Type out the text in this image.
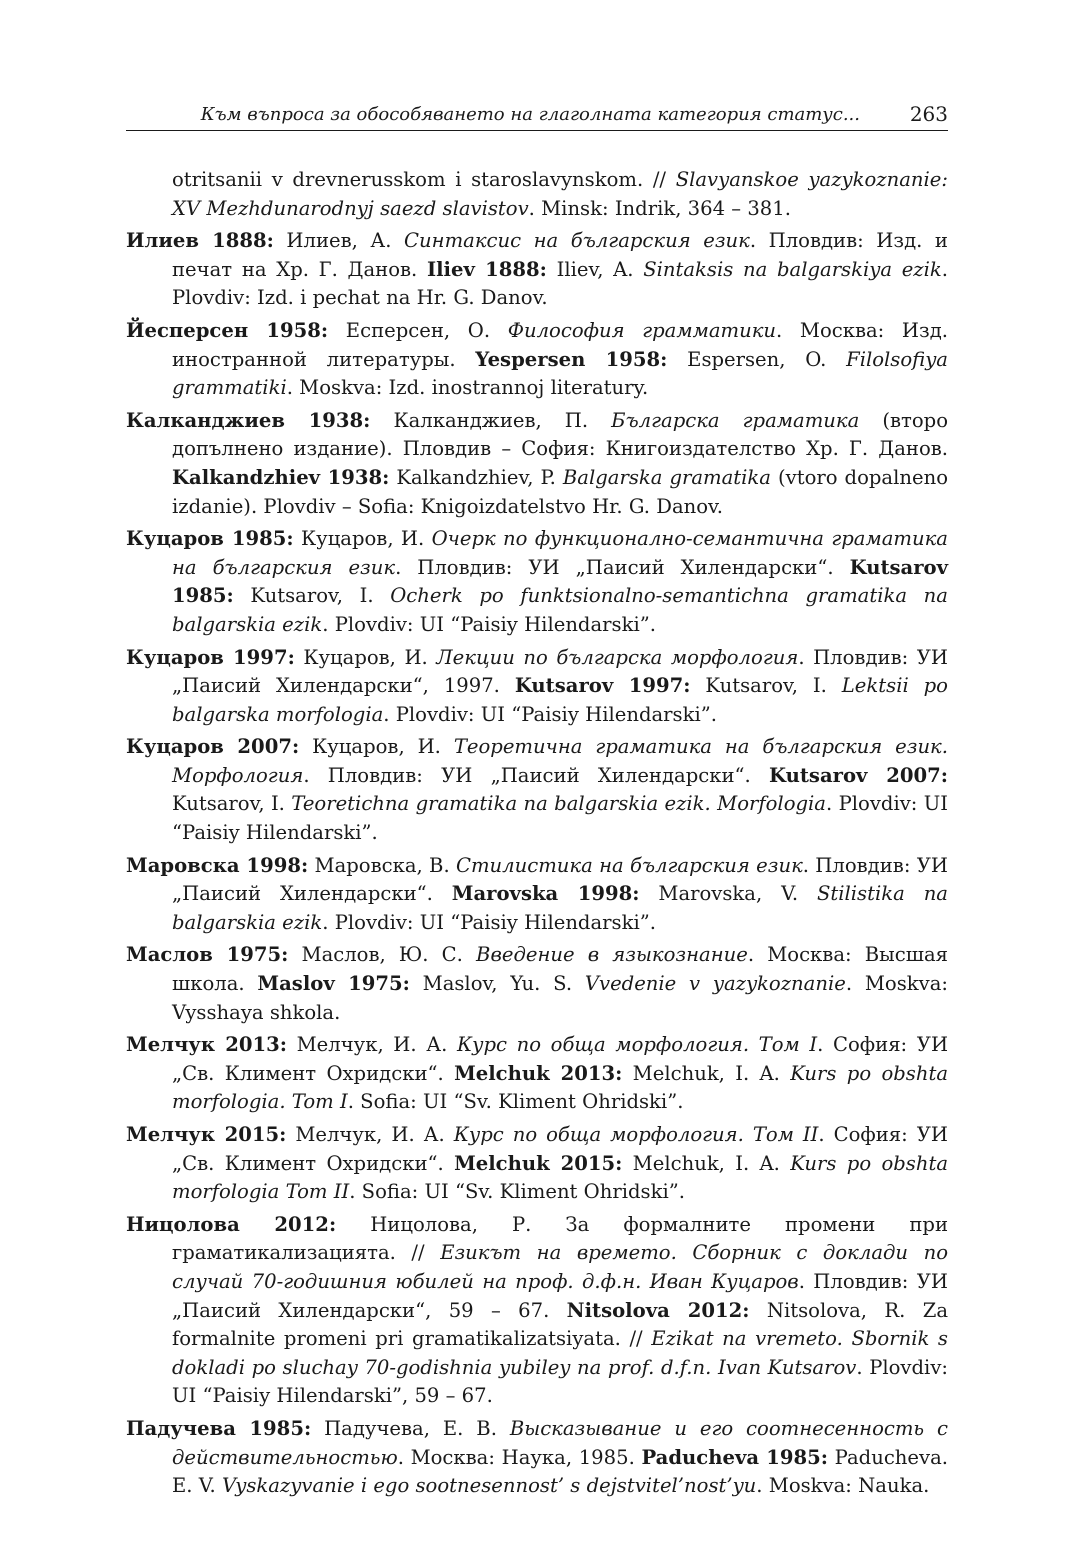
Към въпроса за обособяването на глаголната категория статус... 263

otritsanii v drevnerusskom i staroslavynskom. // Slavyanskoe yazykoznanie: XV Mezhdunarodnyj saezd slavistov. Minsk: Indrik, 364 – 381.

Илиев 1888: Илиев, А. Синтаксис на българския език. Пловдив: Изд. и печат на Хр. Г. Данов. Iliev 1888: Iliev, A. Sintaksis na balgarskiya ezik. Plovdiv: Izd. i pechat na Hr. G. Danov.

Йесперсен 1958: Есперсен, О. Философия грамматики. Москва: Изд. иностранной литературы. Yespersen 1958: Espersen, O. Filolsofiya grammatiki. Moskva: Izd. inostrannoj literatury.

Калканджиев 1938: Калканджиев, П. Българска граматика (второ допълнено издание). Пловдив – София: Книгоиздателство Хр. Г. Данов. Kalkandzhiev 1938: Kalkandzhiev, P. Balgarska gramatika (vtoro dopalneno izdanie). Plovdiv – Sofia: Knigoizdatelstvo Hr. G. Danov.

Куцаров 1985: Куцаров, И. Очерк по функционално-семантична граматика на българския език. Пловдив: УИ „Паисий Хилендарски“. Kutsarov 1985: Kutsarov, I. Ocherk po funktsionalno-semantichna gramatika na balgarskia ezik. Plovdiv: UI “Paisiy Hilendarski”.

Куцаров 1997: Куцаров, И. Лекции по българска морфология. Пловдив: УИ „Паисий Хилендарски“, 1997. Kutsarov 1997: Kutsarov, I. Lektsii po balgarska morfologia. Plovdiv: UI “Paisiy Hilendarski”.

Куцаров 2007: Куцаров, И. Теоретична граматика на българския език. Морфология. Пловдив: УИ „Паисий Хилендарски“. Kutsarov 2007: Kutsarov, I. Teoretichna gramatika na balgarskia ezik. Morfologia. Plovdiv: UI “Paisiy Hilendarski”.

Маровска 1998: Маровска, В. Стилистика на българския език. Пловдив: УИ „Паисий Хилендарски“. Marovska 1998: Marovska, V. Stilistika na balgarskia ezik. Plovdiv: UI “Paisiy Hilendarski”.

Маслов 1975: Маслов, Ю. С. Введение в языкознание. Москва: Высшая школа. Maslov 1975: Maslov, Yu. S. Vvedenie v yazykoznanie. Moskva: Vysshaya shkola.

Мелчук 2013: Мелчук, И. А. Курс по обща морфология. Том I. София: УИ „Св. Климент Охридски“. Melchuk 2013: Melchuk, I. A. Kurs po obshta morfologia. Tom I. Sofia: UI “Sv. Kliment Ohridski”.

Мелчук 2015: Мелчук, И. А. Курс по обща морфология. Том II. София: УИ „Св. Климент Охридски“. Melchuk 2015: Melchuk, I. A. Kurs po obshta morfologia Tom II. Sofia: UI “Sv. Kliment Ohridski”.

Ницолова 2012: Ницолова, Р. За формалните промени при граматикализацията. // Езикът на времето. Сборник с доклади по случай 70-годишния юбилей на проф. д.ф.н. Иван Куцаров. Пловдив: УИ „Паисий Хилендарски“, 59 – 67. Nitsolova 2012: Nitsolova, R. Za formalnite promeni pri gramatikalizatsiyata. // Ezikat na vremeto. Sbornik s dokladi po sluchay 70-godishnia yubiley na prof. d.f.n. Ivan Kutsarov. Plovdiv: UI “Paisiy Hilendarski”, 59 – 67.

Падучева 1985: Падучева, Е. В. Высказывание и его соотнесенность с действительностью. Москва: Наука, 1985. Paducheva 1985: Paducheva. E. V. Vyskazyvanie i ego sootnesennost’ s dejstvitel’nost’yu. Moskva: Nauka.
